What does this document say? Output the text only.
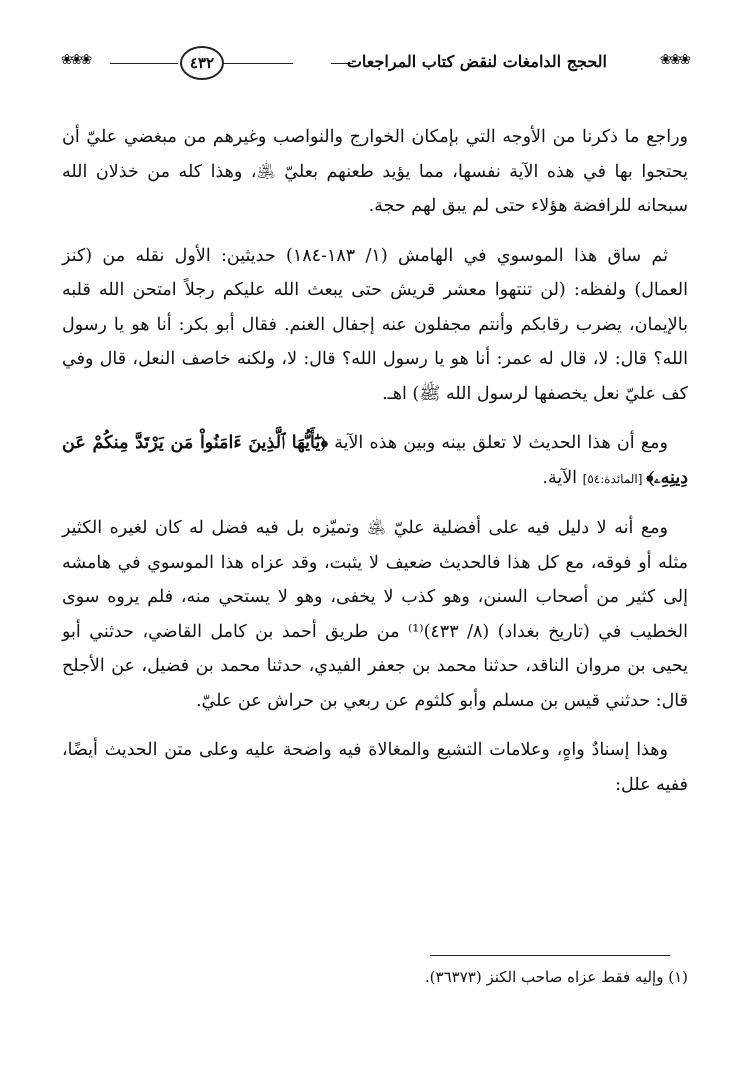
❀❀❀
الحجج الدامغات لنقض كتاب المراجعات
٤٣٢
❀❀❀

وراجع ما ذكرنا من الأوجه التي بإمكان الخوارج والنواصب وغيرهم من مبغضي عليّ أن يحتجوا بها في هذه الآية نفسها، مما يؤيد طعنهم بعليّ ﵁، وهذا كله من خذلان الله سبحانه للرافضة هؤلاء حتى لم يبق لهم حجة.

ثم ساق هذا الموسوي في الهامش (١/ ١٨٣-١٨٤) حديثين: الأول نقله من (كنز العمال) ولفظه: (لن تنتهوا معشر قريش حتى يبعث الله عليكم رجلاً امتحن الله قلبه بالإيمان، يضرب رقابكم وأنتم مجفلون عنه إجفال الغنم. فقال أبو بكر: أنا هو يا رسول الله؟ قال: لا، قال له عمر: أنا هو يا رسول الله؟ قال: لا، ولكنه خاصف النعل، قال وفي كف عليّ نعل يخصفها لرسول الله ﷺ) اهـ.

ومع أن هذا الحديث لا تعلق بينه وبين هذه الآية ﴿يَٰٓأَيُّهَا ٱلَّذِينَ ءَامَنُواْ مَن يَرْتَدَّ مِنكُمْ عَن دِينِهِۦ﴾ [المائدة:٥٤] الآية.

ومع أنه لا دليل فيه على أفضلية عليّ ﵁ وتميّزه بل فيه فضل له كان لغيره الكثير مثله أو فوقه، مع كل هذا فالحديث ضعيف لا يثبت، وقد عزاه هذا الموسوي في هامشه إلى كثير من أصحاب السنن، وهو كذب لا يخفى، وهو لا يستحي منه، فلم يروه سوى الخطيب في (تاريخ بغداد) (٨/ ٤٣٣)⁽¹⁾ من طريق أحمد بن كامل القاضي، حدثني أبو يحيى بن مروان الناقد، حدثنا محمد بن جعفر الفيدي، حدثنا محمد بن فضيل، عن الأجلح قال: حدثني قيس بن مسلم وأبو كلثوم عن ربعي بن حراش عن عليّ.

وهذا إسنادٌ واهٍ، وعلامات التشيع والمغالاة فيه واضحة عليه وعلى متن الحديث أيضًا، ففيه علل:

(١) وإليه فقط عزاه صاحب الكنز (٣٦٣٧٣).
